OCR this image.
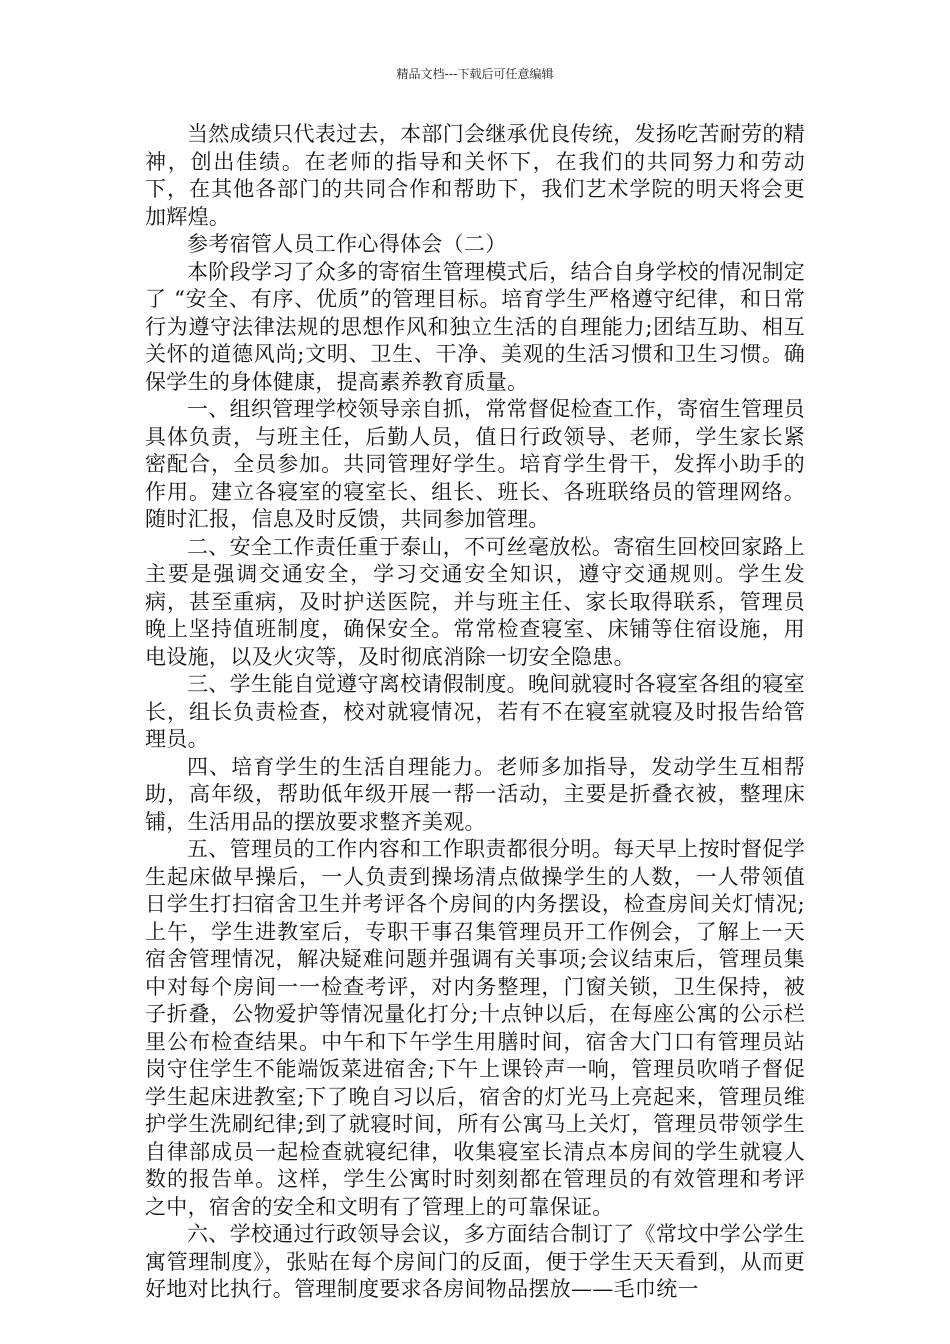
精品文档---下载后可任意编辑

当然成绩只代表过去，本部门会继承优良传统，发扬吃苦耐劳的精神，创出佳绩。在老师的指导和关怀下，在我们的共同努力和劳动下，在其他各部门的共同合作和帮助下，我们艺术学院的明天将会更加辉煌。

参考宿管人员工作心得体会（二）

本阶段学习了众多的寄宿生管理模式后，结合自身学校的情况制定了 “安全、有序、优质”的管理目标。培育学生严格遵守纪律，和日常行为遵守法律法规的思想作风和独立生活的自理能力;团结互助、相互关怀的道德风尚;文明、卫生、干净、美观的生活习惯和卫生习惯。确保学生的身体健康，提高素养教育质量。

一、组织管理学校领导亲自抓，常常督促检查工作，寄宿生管理员具体负责，与班主任，后勤人员，值日行政领导、老师，学生家长紧密配合，全员参加。共同管理好学生。培育学生骨干，发挥小助手的作用。建立各寝室的寝室长、组长、班长、各班联络员的管理网络。随时汇报，信息及时反馈，共同参加管理。

二、安全工作责任重于泰山，不可丝毫放松。寄宿生回校回家路上主要是强调交通安全，学习交通安全知识，遵守交通规则。学生发病，甚至重病，及时护送医院，并与班主任、家长取得联系，管理员晚上坚持值班制度，确保安全。常常检查寝室、床铺等住宿设施，用电设施，以及火灾等，及时彻底消除一切安全隐患。

三、学生能自觉遵守离校请假制度。晚间就寝时各寝室各组的寝室长，组长负责检查，校对就寝情况，若有不在寝室就寝及时报告给管理员。

四、培育学生的生活自理能力。老师多加指导，发动学生互相帮助，高年级，帮助低年级开展一帮一活动，主要是折叠衣被，整理床铺，生活用品的摆放要求整齐美观。

五、管理员的工作内容和工作职责都很分明。每天早上按时督促学生起床做早操后，一人负责到操场清点做操学生的人数，一人带领值日学生打扫宿舍卫生并考评各个房间的内务摆设，检查房间关灯情况;上午，学生进教室后，专职干事召集管理员开工作例会，了解上一天宿舍管理情况，解决疑难问题并强调有关事项;会议结束后，管理员集中对每个房间一一检查考评，对内务整理，门窗关锁，卫生保持，被子折叠，公物爱护等情况量化打分;十点钟以后，在每座公寓的公示栏里公布检查结果。中午和下午学生用膳时间，宿舍大门口有管理员站岗守住学生不能端饭菜进宿舍;下午上课铃声一响，管理员吹哨子督促学生起床进教室;下了晚自习以后，宿舍的灯光马上亮起来，管理员维护学生洗刷纪律;到了就寝时间，所有公寓马上关灯，管理员带领学生自律部成员一起检查就寝纪律，收集寝室长清点本房间的学生就寝人数的报告单。这样，学生公寓时时刻刻都在管理员的有效管理和考评之中，宿舍的安全和文明有了管理上的可靠保证。

六、学校通过行政领导会议，多方面结合制订了《常坟中学公学生寓管理制度》，张贴在每个房间门的反面，便于学生天天看到，从而更好地对比执行。管理制度要求各房间物品摆放——毛巾统一
